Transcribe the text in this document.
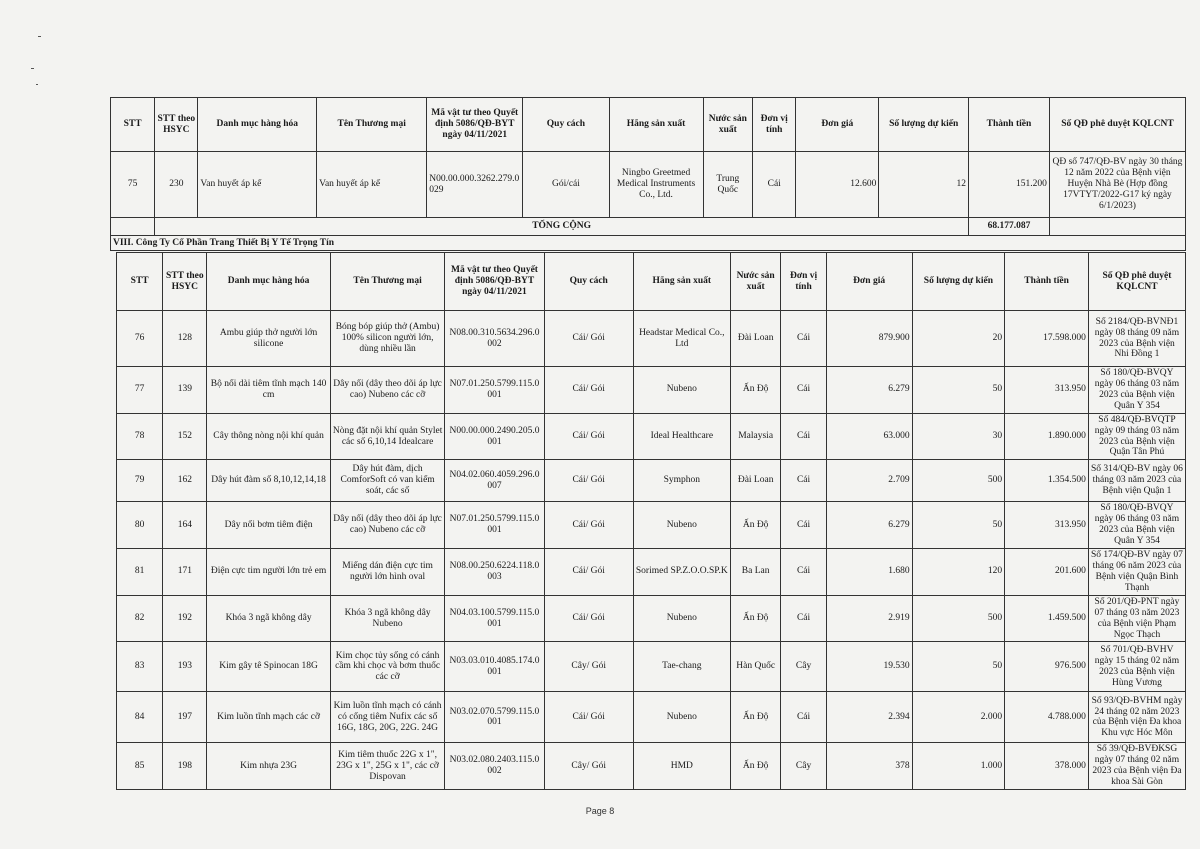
STT	STT theo HSYC	Danh mục hàng hóa	Tên Thương mại	Mã vật tư theo Quyết định 5086/QĐ-BYT ngày 04/11/2021	Quy cách	Hãng sản xuất	Nước sản xuất	Đơn vị tính	Đơn giá	Số lượng dự kiến	Thành tiền	Số QĐ phê duyệt KQLCNT
75	230	Van huyết áp kế	Van huyết áp kế	N00.00.000.3262.279.0029	Gói/cái	Ningbo Greetmed Medical Instruments Co., Ltd.	Trung Quốc	Cái	12.600	12	151.200	QĐ số 747/QĐ-BV ngày 30 tháng 12 năm 2022 của Bệnh viện Huyện Nhà Bè (Hợp đồng 17VTYT/2022-G17 ký ngày 6/1/2023)
	TỔNG CỘNG										68.177.087	
VIII. Công Ty Cổ Phần Trang Thiết Bị Y Tế Trọng Tín												
STT	STT theo HSYC	Danh mục hàng hóa	Tên Thương mại	Mã vật tư theo Quyết định 5086/QĐ-BYT ngày 04/11/2021	Quy cách	Hãng sản xuất	Nước sản xuất	Đơn vị tính	Đơn giá	Số lượng dự kiến	Thành tiền	Số QĐ phê duyệt KQLCNT
76	128	Ambu giúp thở người lớn silicone	Bóng bóp giúp thở (Ambu) 100% silicon người lớn, dùng nhiều lần	N08.00.310.5634.296.0002	Cái/ Gói	Headstar Medical Co., Ltd	Đài Loan	Cái	879.900	20	17.598.000	Số 2184/QĐ-BVNĐ1 ngày 08 tháng 09 năm 2023 của Bệnh viện Nhi Đồng 1
77	139	Bộ nối dài tiêm tĩnh mạch 140 cm	Dây nối (dây theo dõi áp lực cao) Nubeno các cỡ	N07.01.250.5799.115.0001	Cái/ Gói	Nubeno	Ấn Độ	Cái	6.279	50	313.950	Số 180/QĐ-BVQY ngày 06 tháng 03 năm 2023 của Bệnh viện Quân Y 354
78	152	Cây thông nòng nội khí quản	Nòng đặt nội khí quản Stylet các số 6,10,14 Idealcare	N00.00.000.2490.205.0001	Cái/ Gói	Ideal Healthcare	Malaysia	Cái	63.000	30	1.890.000	Số 484/QĐ-BVQTP ngày 09 tháng 03 năm 2023 của Bệnh viện Quận Tân Phú
79	162	Dây hút đàm số 8,10,12,14,18	Dây hút đàm, dịch ComforSoft có van kiểm soát, các số	N04.02.060.4059.296.0007	Cái/ Gói	Symphon	Đài Loan	Cái	2.709	500	1.354.500	Số 314/QĐ-BV ngày 06 tháng 03 năm 2023 của Bệnh viện Quận 1
80	164	Dây nối bơm tiêm điện	Dây nối (dây theo dõi áp lực cao) Nubeno các cỡ	N07.01.250.5799.115.0001	Cái/ Gói	Nubeno	Ấn Độ	Cái	6.279	50	313.950	Số 180/QĐ-BVQY ngày 06 tháng 03 năm 2023 của Bệnh viện Quân Y 354
81	171	Điện cực tim người lớn trẻ em	Miếng dán điện cực tim người lớn hình oval	N08.00.250.6224.118.0003	Cái/ Gói	Sorimed SP.Z.O.O.SP.K	Ba Lan	Cái	1.680	120	201.600	Số 174/QĐ-BV ngày 07 tháng 06 năm 2023 của Bệnh viện Quận Bình Thạnh
82	192	Khóa 3 ngã không dây	Khóa 3 ngã không dây Nubeno	N04.03.100.5799.115.0001	Cái/ Gói	Nubeno	Ấn Độ	Cái	2.919	500	1.459.500	Số 201/QĐ-PNT ngày 07 tháng 03 năm 2023 của Bệnh viện Phạm Ngọc Thạch
83	193	Kim gây tê Spinocan 18G	Kim chọc tủy sống có cánh cầm khi chọc và bơm thuốc các cỡ	N03.03.010.4085.174.0001	Cây/ Gói	Tae-chang	Hàn Quốc	Cây	19.530	50	976.500	Số 701/QĐ-BVHV ngày 15 tháng 02 năm 2023 của Bệnh viện Hùng Vương
84	197	Kim luồn tĩnh mạch các cỡ	Kim luồn tĩnh mạch có cánh có cổng tiêm Nufix các số 16G, 18G, 20G, 22G. 24G	N03.02.070.5799.115.0001	Cái/ Gói	Nubeno	Ấn Độ	Cái	2.394	2.000	4.788.000	Số 93/QĐ-BVHM ngày 24 tháng 02 năm 2023 của Bệnh viện Đa khoa Khu vực Hóc Môn
85	198	Kim nhựa 23G	Kim tiêm thuốc 22G x 1", 23G x 1", 25G x 1", các cỡ Dispovan	N03.02.080.2403.115.0002	Cây/ Gói	HMD	Ấn Độ	Cây	378	1.000	378.000	Số 39/QĐ-BVĐKSG ngày 07 tháng 02 năm 2023 của Bệnh viện Đa khoa Sài Gòn
Page 8
